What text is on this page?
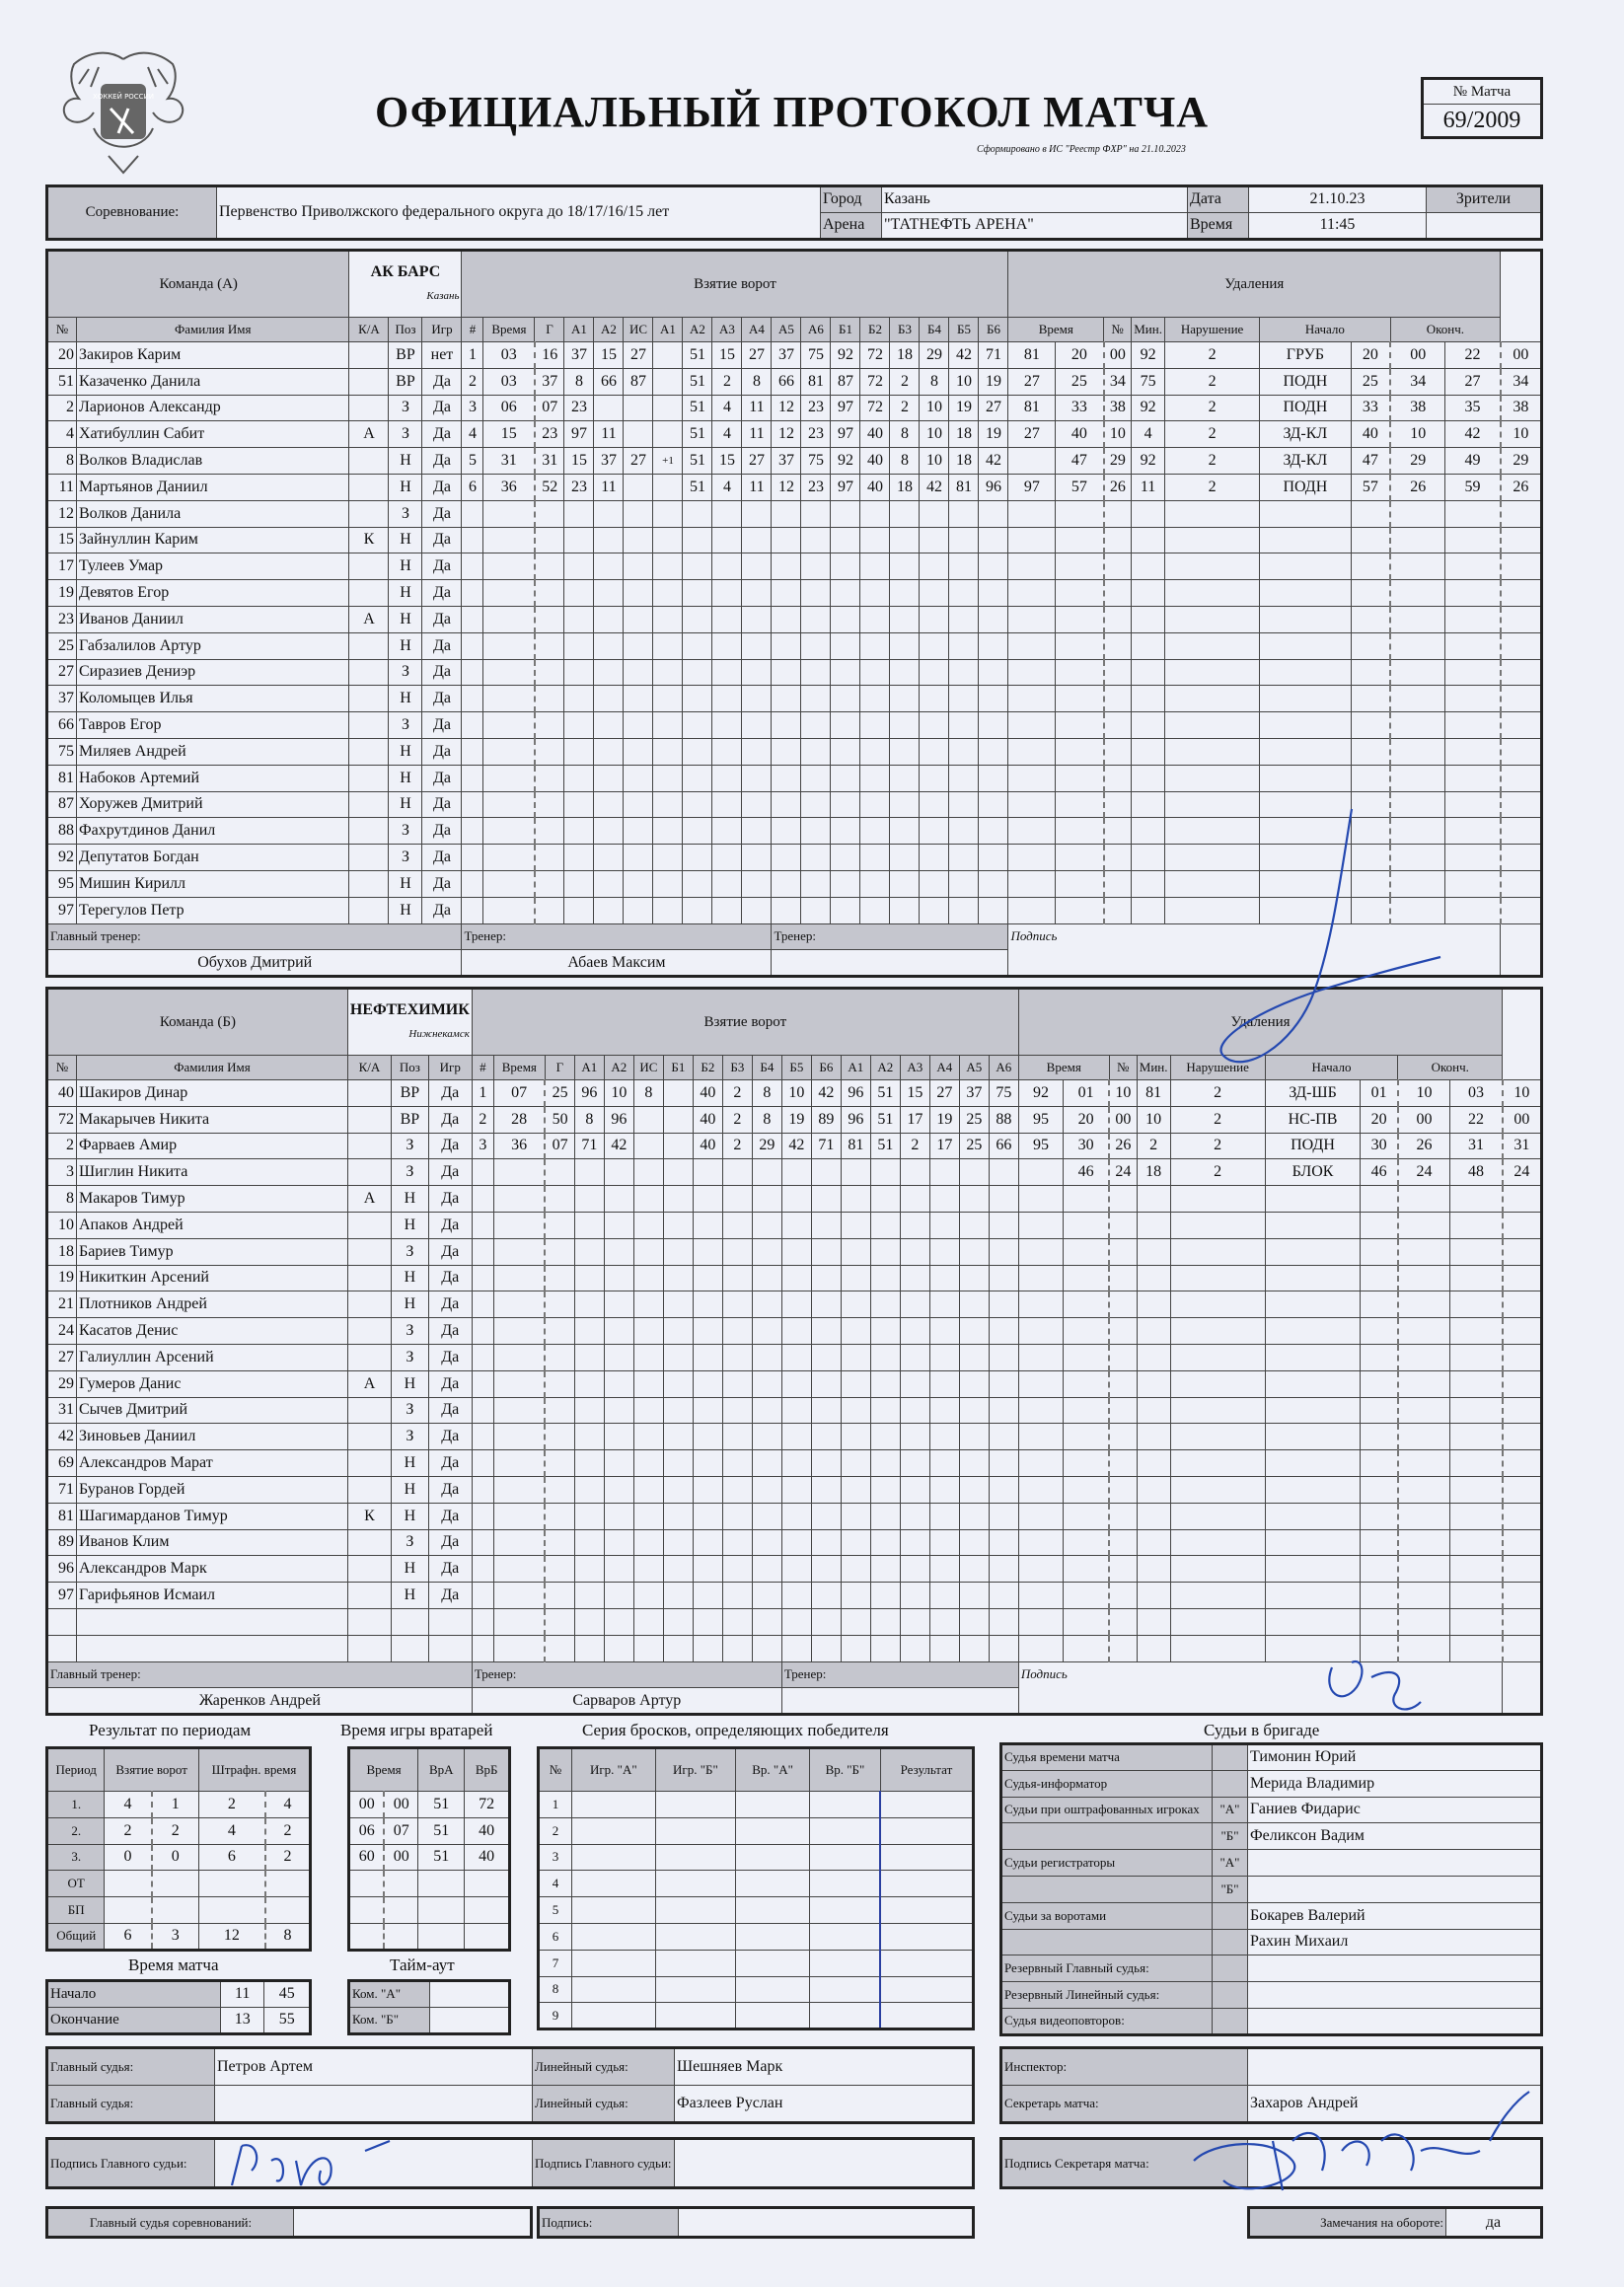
ХОККЕЙ РОССИИ	ОФИЦИАЛЬНЫЙ ПРОТОКОЛ МАТЧА
Сформировано в ИС "Реестр ФХР" на 21.10.2023
№ Матча
69/2009
Соревнование:	Первенство Приволжского федерального округа до 18/17/16/15 лет	Город	Казань	Дата	21.10.23	Зрители
		Арена	"ТАТНЕФТЬ АРЕНА"	Время	11:45	
Команда (А)		АК БАРС
Казань			Взятие ворот																		Удаления									
№	Фамилия Имя	К/А	Поз	Игр	#	Время	Г	А1	А2	ИС	А1	А2	А3	А4	А5	А6	Б1	Б2	Б3	Б4	Б5	Б6	Время		№	Мин.	Нарушение	Начало		Оконч.		
20	Закиров Карим		ВР	нет	1	03	16	37	15	27		51	15	27	37	75	92	72	18	29	42	71	81	20	00	92	2	ГРУБ	20	00	22	00
51	Казаченко Данила		ВР	Да	2	03	37	8	66	87		51	2	8	66	81	87	72	2	8	10	19	27	25	34	75	2	ПОДН	25	34	27	34
2	Ларионов Александр		З	Да	3	06	07	23				51	4	11	12	23	97	72	2	10	19	27	81	33	38	92	2	ПОДН	33	38	35	38
4	Хатибуллин Сабит	А	З	Да	4	15	23	97	11			51	4	11	12	23	97	40	8	10	18	19	27	40	10	4	2	ЗД-КЛ	40	10	42	10
8	Волков Владислав		Н	Да	5	31	31	15	37	27	+1	51	15	27	37	75	92	40	8	10	18	42		47	29	92	2	ЗД-КЛ	47	29	49	29
11	Мартьянов Даниил		Н	Да	6	36	52	23	11			51	4	11	12	23	97	40	18	42	81	96	97	57	26	11	2	ПОДН	57	26	59	26
12	Волков Данила		З	Да																												
15	Зайнуллин Карим	К	Н	Да																												
17	Тулеев Умар		Н	Да																												
19	Девятов Егор		Н	Да																												
23	Иванов Даниил	А	Н	Да																												
25	Габзалилов Артур		Н	Да																												
27	Сиразиев Дениэр		З	Да																												
37	Коломыцев Илья		Н	Да																												
66	Тавров Егор		З	Да																												
75	Миляев Андрей		Н	Да																												
81	Набоков Артемий		Н	Да																												
87	Хоружев Дмитрий		Н	Да																												
88	Фахрутдинов Данил		З	Да																												
92	Депутатов Богдан		З	Да																												
95	Мишин Кирилл		Н	Да																												
97	Терегулов Петр		Н	Да																												
Главный тренер:					Тренер:										Тренер:								Подпись									
Обухов Дмитрий					Абаев Максим																											
Команда (Б)		НЕФТЕХИМИК
Нижнекамск			Взятие ворот																		Удаления									
№	Фамилия Имя	К/А	Поз	Игр	#	Время	Г	А1	А2	ИС	Б1	Б2	Б3	Б4	Б5	Б6	А1	А2	А3	А4	А5	А6	Время		№	Мин.	Нарушение	Начало		Оконч.		
40	Шакиров Динар		ВР	Да	1	07	25	96	10	8		40	2	8	10	42	96	51	15	27	37	75	92	01	10	81	2	ЗД-ШБ	01	10	03	10
72	Макарычев Никита		ВР	Да	2	28	50	8	96			40	2	8	19	89	96	51	17	19	25	88	95	20	00	10	2	НС-ПВ	20	00	22	00
2	Фарваев Амир		З	Да	3	36	07	71	42			40	2	29	42	71	81	51	2	17	25	66	95	30	26	2	2	ПОДН	30	26	31	31
3	Шиглин Никита		З	Да																				46	24	18	2	БЛОК	46	24	48	24
8	Макаров Тимур	А	Н	Да																												
10	Апаков Андрей		Н	Да																												
18	Бариев Тимур		З	Да																												
19	Никиткин Арсений		Н	Да																												
21	Плотников Андрей		Н	Да																												
24	Касатов Денис		З	Да																												
27	Галиуллин Арсений		З	Да																												
29	Гумеров Данис	А	Н	Да																												
31	Сычев Дмитрий		З	Да																												
42	Зиновьев Даниил		З	Да																												
69	Александров Марат		Н	Да																												
71	Буранов Гордей		Н	Да																												
81	Шагимарданов Тимур	К	Н	Да																												
89	Иванов Клим		З	Да																												
96	Александров Марк		Н	Да																												
97	Гарифьянов Исмаил		Н	Да																												

Главный тренер:					Тренер:										Тренер:								Подпись									
Жаренков Андрей					Сарваров Артур																											
Результат по периодам
Период	Взятие ворот		Штрафн. время	
1.	4	1	2	4
2.	2	2	4	2
3.	0	0	6	2
ОТ				
БП				
Общий	6	3	12	8
Время игры вратарей
Время		ВрА	ВрБ
00	00	51	72
06	07	51	40
60	00	51	40

Время матча
Начало	11	45
Окончание	13	55
Тайм-аут
Ком. "А"	
Ком. "Б"	
Серия бросков, определяющих победителя
№	Игр. "А"	Игр. "Б"	Вр. "А"	Вр. "Б"	Результат
1					
2					
3					
4					
5					
6					
7					
8					
9					
Судьи в бригаде
Судья времени матча		Тимонин Юрий
Судья-информатор		Мерида Владимир
Судьи при оштрафованных игроках	"А"	Ганиев Фидарис
	"Б"	Феликсон Вадим
Судьи регистраторы	"А"	
	"Б"	
Судьи за воротами		Бокарев Валерий
		Рахин Михаил
Резервный Главный судья:		
Резервный Линейный судья:		
Судья видеоповторов:		
Главный судья:	Петров Артем	Линейный судья:	Шешняев Марк
Главный судья:		Линейный судья:	Фазлеев Руслан
Инспектор:	
Секретарь матча:	Захаров Андрей
Подпись Главного судьи:		Подпись Главного судьи:		Подпись Секретаря матча:	
Главный судья соревнований:		Подпись:		Замечания на обороте:	да
